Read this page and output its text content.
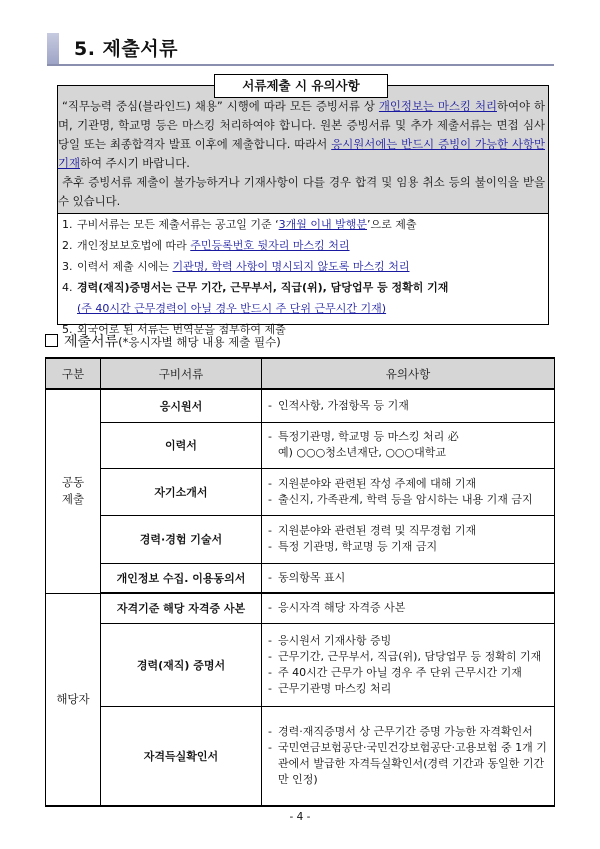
5. 제출서류
서류제출 시 유의사항

“직무능력 중심(블라인드) 채용” 시행에 따라 모든 증빙서류 상 개인정보는 마스킹 처리하여야 하며, 기관명, 학교명 등은 마스킹 처리하여야 합니다. 원본 증빙서류 및 추가 제출서류는 면접 심사 당일 또는 최종합격자 발표 이후에 제출합니다. 따라서 응시원서에는 반드시 증빙이 가능한 사항만 기재하여 주시기 바랍니다.

추후 증빙서류 제출이 불가능하거나 기재사항이 다를 경우 합격 및 임용 취소 등의 불이익을 받을 수 있습니다.

1. 구비서류는 모든 제출서류는 공고일 기준 ‘3개월 이내 발행분’으로 제출
2. 개인정보보호법에 따라 주민등록번호 뒷자리 마스킹 처리
3. 이력서 제출 시에는 기관명, 학력 사항이 명시되지 않도록 마스킹 처리
4. 경력(재직)증명서는 근무 기간, 근무부서, 직급(위), 담당업무 등 정확히 기재
(주 40시간 근무경력이 아닐 경우 반드시 주 단위 근무시간 기재)
5. 외국어로 된 서류는 번역문을 첨부하여 제출
제출서류(*응시자별 해당 내용 제출 필수)
구분	구비서류	유의사항
공동
제출	응시원서	- 인적사항, 가점항목 등 기재

	이력서	- 특정기관명, 학교명 등 마스킹 처리 必
예) ○○○청소년재단, ○○○대학교

	자기소개서	- 지원분야와 관련된 작성 주제에 대해 기재
- 출신지, 가족관계, 학력 등을 암시하는 내용 기재 금지

	경력·경험 기술서	- 지원분야와 관련된 경력 및 직무경험 기재
- 특정 기관명, 학교명 등 기재 금지

	개인정보 수집. 이용동의서	- 동의항목 표시

해당자	자격기준 해당 자격증 사본	- 응시자격 해당 자격증 사본

	경력(재직) 증명서	- 응시원서 기재사항 증빙
- 근무기간, 근무부서, 직급(위), 담당업무 등 정확히 기재
- 주 40시간 근무가 아닐 경우 주 단위 근무시간 기재
- 근무기관명 마스킹 처리

	자격득실확인서	- 경력·재직증명서 상 근무기간 증명 가능한 자격확인서
- 국민연금보험공단·국민건강보험공단·고용보험 중 1개 기관에서 발급한 자격득실확인서(경력 기간과 동일한 기간만 인정)
- 4 -
